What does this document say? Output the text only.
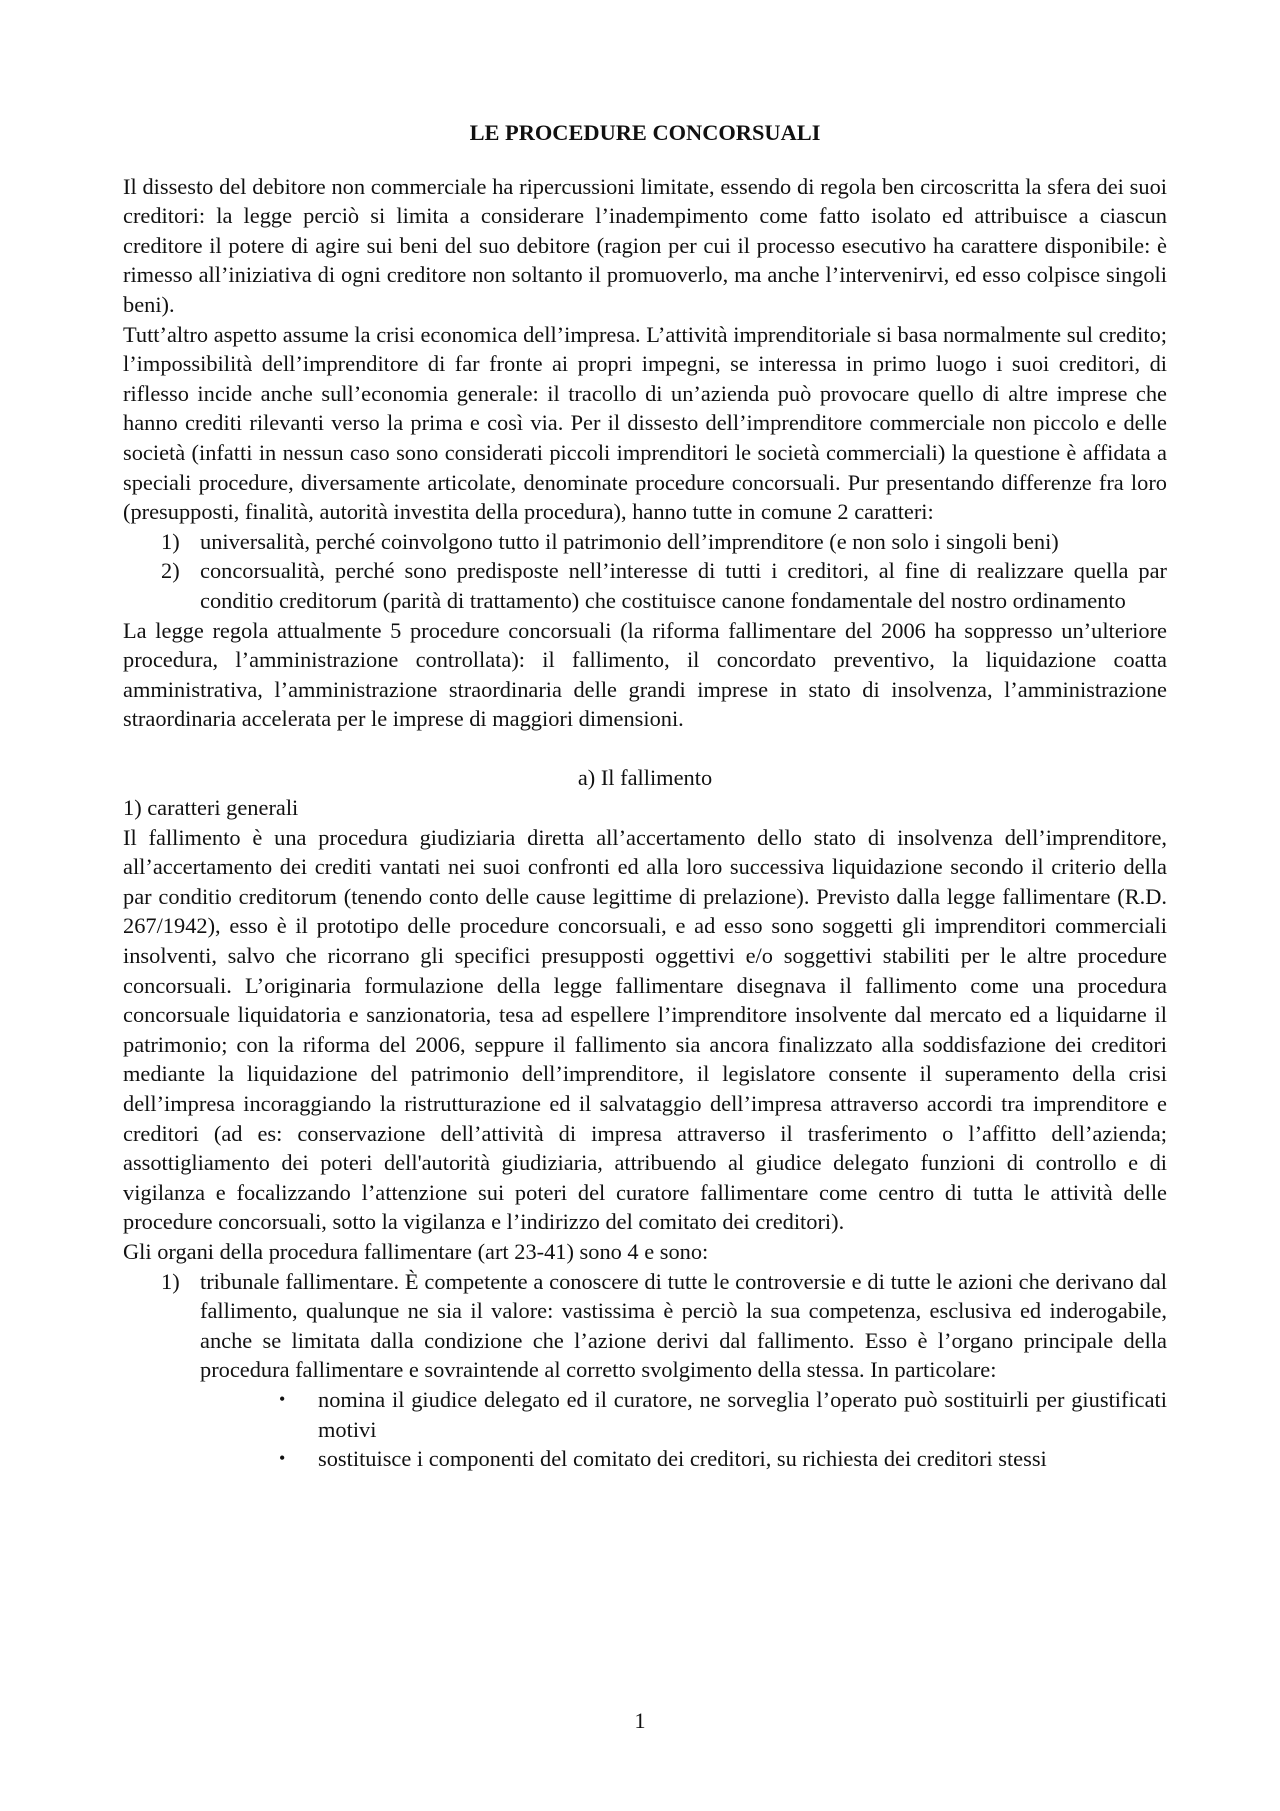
LE PROCEDURE CONCORSUALI

Il dissesto del debitore non commerciale ha ripercussioni limitate, essendo di regola ben circoscritta la sfera dei suoi creditori: la legge perciò si limita a considerare l’inadempimento come fatto isolato ed attribuisce a ciascun creditore il potere di agire sui beni del suo debitore (ragion per cui il processo esecutivo ha carattere disponibile: è rimesso all’iniziativa di ogni creditore non soltanto il promuoverlo, ma anche l’intervenirvi, ed esso colpisce singoli beni).

Tutt’altro aspetto assume la crisi economica dell’impresa. L’attività imprenditoriale si basa normalmente sul credito; l’impossibilità dell’imprenditore di far fronte ai propri impegni, se interessa in primo luogo i suoi creditori, di riflesso incide anche sull’economia generale: il tracollo di un’azienda può provocare quello di altre imprese che hanno crediti rilevanti verso la prima e così via. Per il dissesto dell’imprenditore commerciale non piccolo e delle società (infatti in nessun caso sono considerati piccoli imprenditori le società commerciali) la questione è affidata a speciali procedure, diversamente articolate, denominate procedure concorsuali. Pur presentando differenze fra loro (presupposti, finalità, autorità investita della procedura), hanno tutte in comune 2 caratteri:

1) universalità, perché coinvolgono tutto il patrimonio dell’imprenditore (e non solo i singoli beni)
2) concorsualità, perché sono predisposte nell’interesse di tutti i creditori, al fine di realizzare quella par conditio creditorum (parità di trattamento) che costituisce canone fondamentale del nostro ordinamento

La legge regola attualmente 5 procedure concorsuali (la riforma fallimentare del 2006 ha soppresso un’ulteriore procedura, l’amministrazione controllata): il fallimento, il concordato preventivo, la liquidazione coatta amministrativa, l’amministrazione straordinaria delle grandi imprese in stato di insolvenza, l’amministrazione straordinaria accelerata per le imprese di maggiori dimensioni.

a) Il fallimento
1) caratteri generali

Il fallimento è una procedura giudiziaria diretta all’accertamento dello stato di insolvenza dell’imprenditore, all’accertamento dei crediti vantati nei suoi confronti ed alla loro successiva liquidazione secondo il criterio della par conditio creditorum (tenendo conto delle cause legittime di prelazione). Previsto dalla legge fallimentare (R.D. 267/1942), esso è il prototipo delle procedure concorsuali, e ad esso sono soggetti gli imprenditori commerciali insolventi, salvo che ricorrano gli specifici presupposti oggettivi e/o soggettivi stabiliti per le altre procedure concorsuali. L’originaria formulazione della legge fallimentare disegnava il fallimento come una procedura concorsuale liquidatoria e sanzionatoria, tesa ad espellere l’imprenditore insolvente dal mercato ed a liquidarne il patrimonio; con la riforma del 2006, seppure il fallimento sia ancora finalizzato alla soddisfazione dei creditori mediante la liquidazione del patrimonio dell’imprenditore, il legislatore consente il superamento della crisi dell’impresa incoraggiando la ristrutturazione ed il salvataggio dell’impresa attraverso accordi tra imprenditore e creditori (ad es: conservazione dell’attività di impresa attraverso il trasferimento o l’affitto dell’azienda; assottigliamento dei poteri dell'autorità giudiziaria, attribuendo al giudice delegato funzioni di controllo e di vigilanza e focalizzando l’attenzione sui poteri del curatore fallimentare come centro di tutta le attività delle procedure concorsuali, sotto la vigilanza e l’indirizzo del comitato dei creditori).

Gli organi della procedura fallimentare (art 23-41) sono 4 e sono:

1) tribunale fallimentare. È competente a conoscere di tutte le controversie e di tutte le azioni che derivano dal fallimento, qualunque ne sia il valore: vastissima è perciò la sua competenza, esclusiva ed inderogabile, anche se limitata dalla condizione che l’azione derivi dal fallimento. Esso è l’organo principale della procedura fallimentare e sovraintende al corretto svolgimento della stessa. In particolare:
• nomina il giudice delegato ed il curatore, ne sorveglia l’operato può sostituirli per giustificati motivi
• sostituisce i componenti del comitato dei creditori, su richiesta dei creditori stessi
1
